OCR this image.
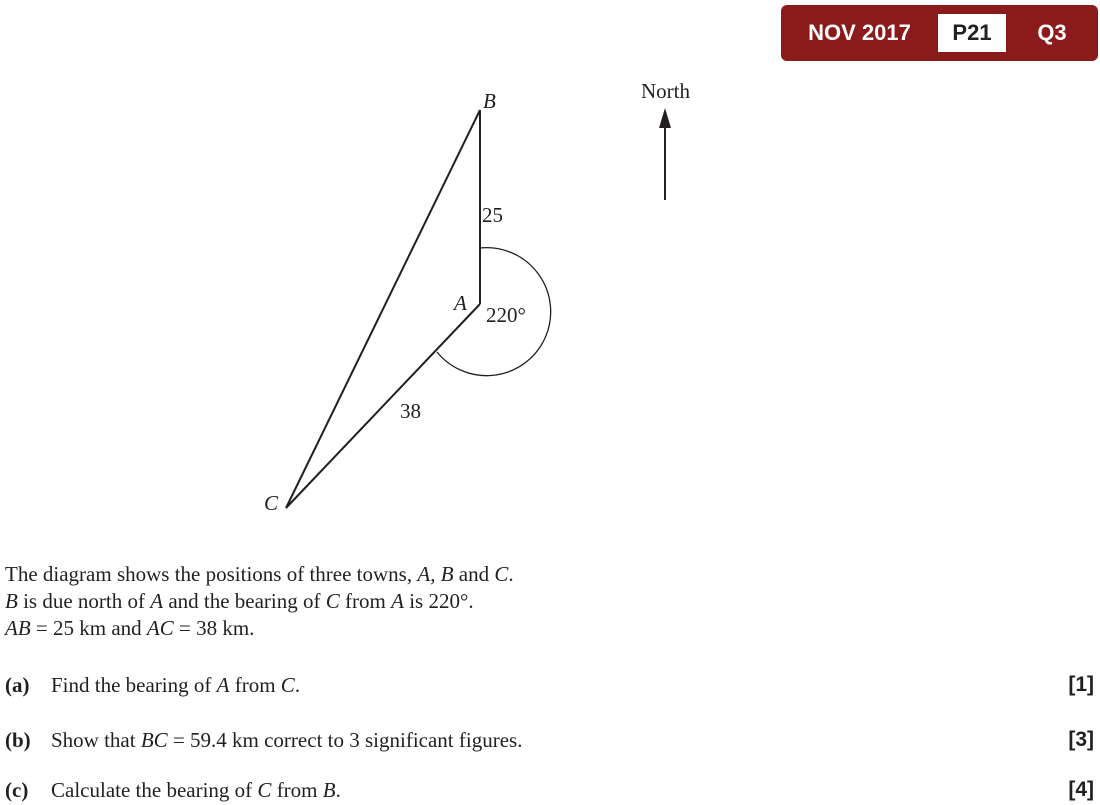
NOV 2017	P21	Q3
North
B
A
C
25
38
220°
The diagram shows the positions of three towns, A, B and C.
B is due north of A and the bearing of C from A is 220°.
AB = 25 km and AC = 38 km.
(a) Find the bearing of A from C.	[1]
(b) Show that BC = 59.4 km correct to 3 significant figures.	[3]
(c) Calculate the bearing of C from B.	[4]
